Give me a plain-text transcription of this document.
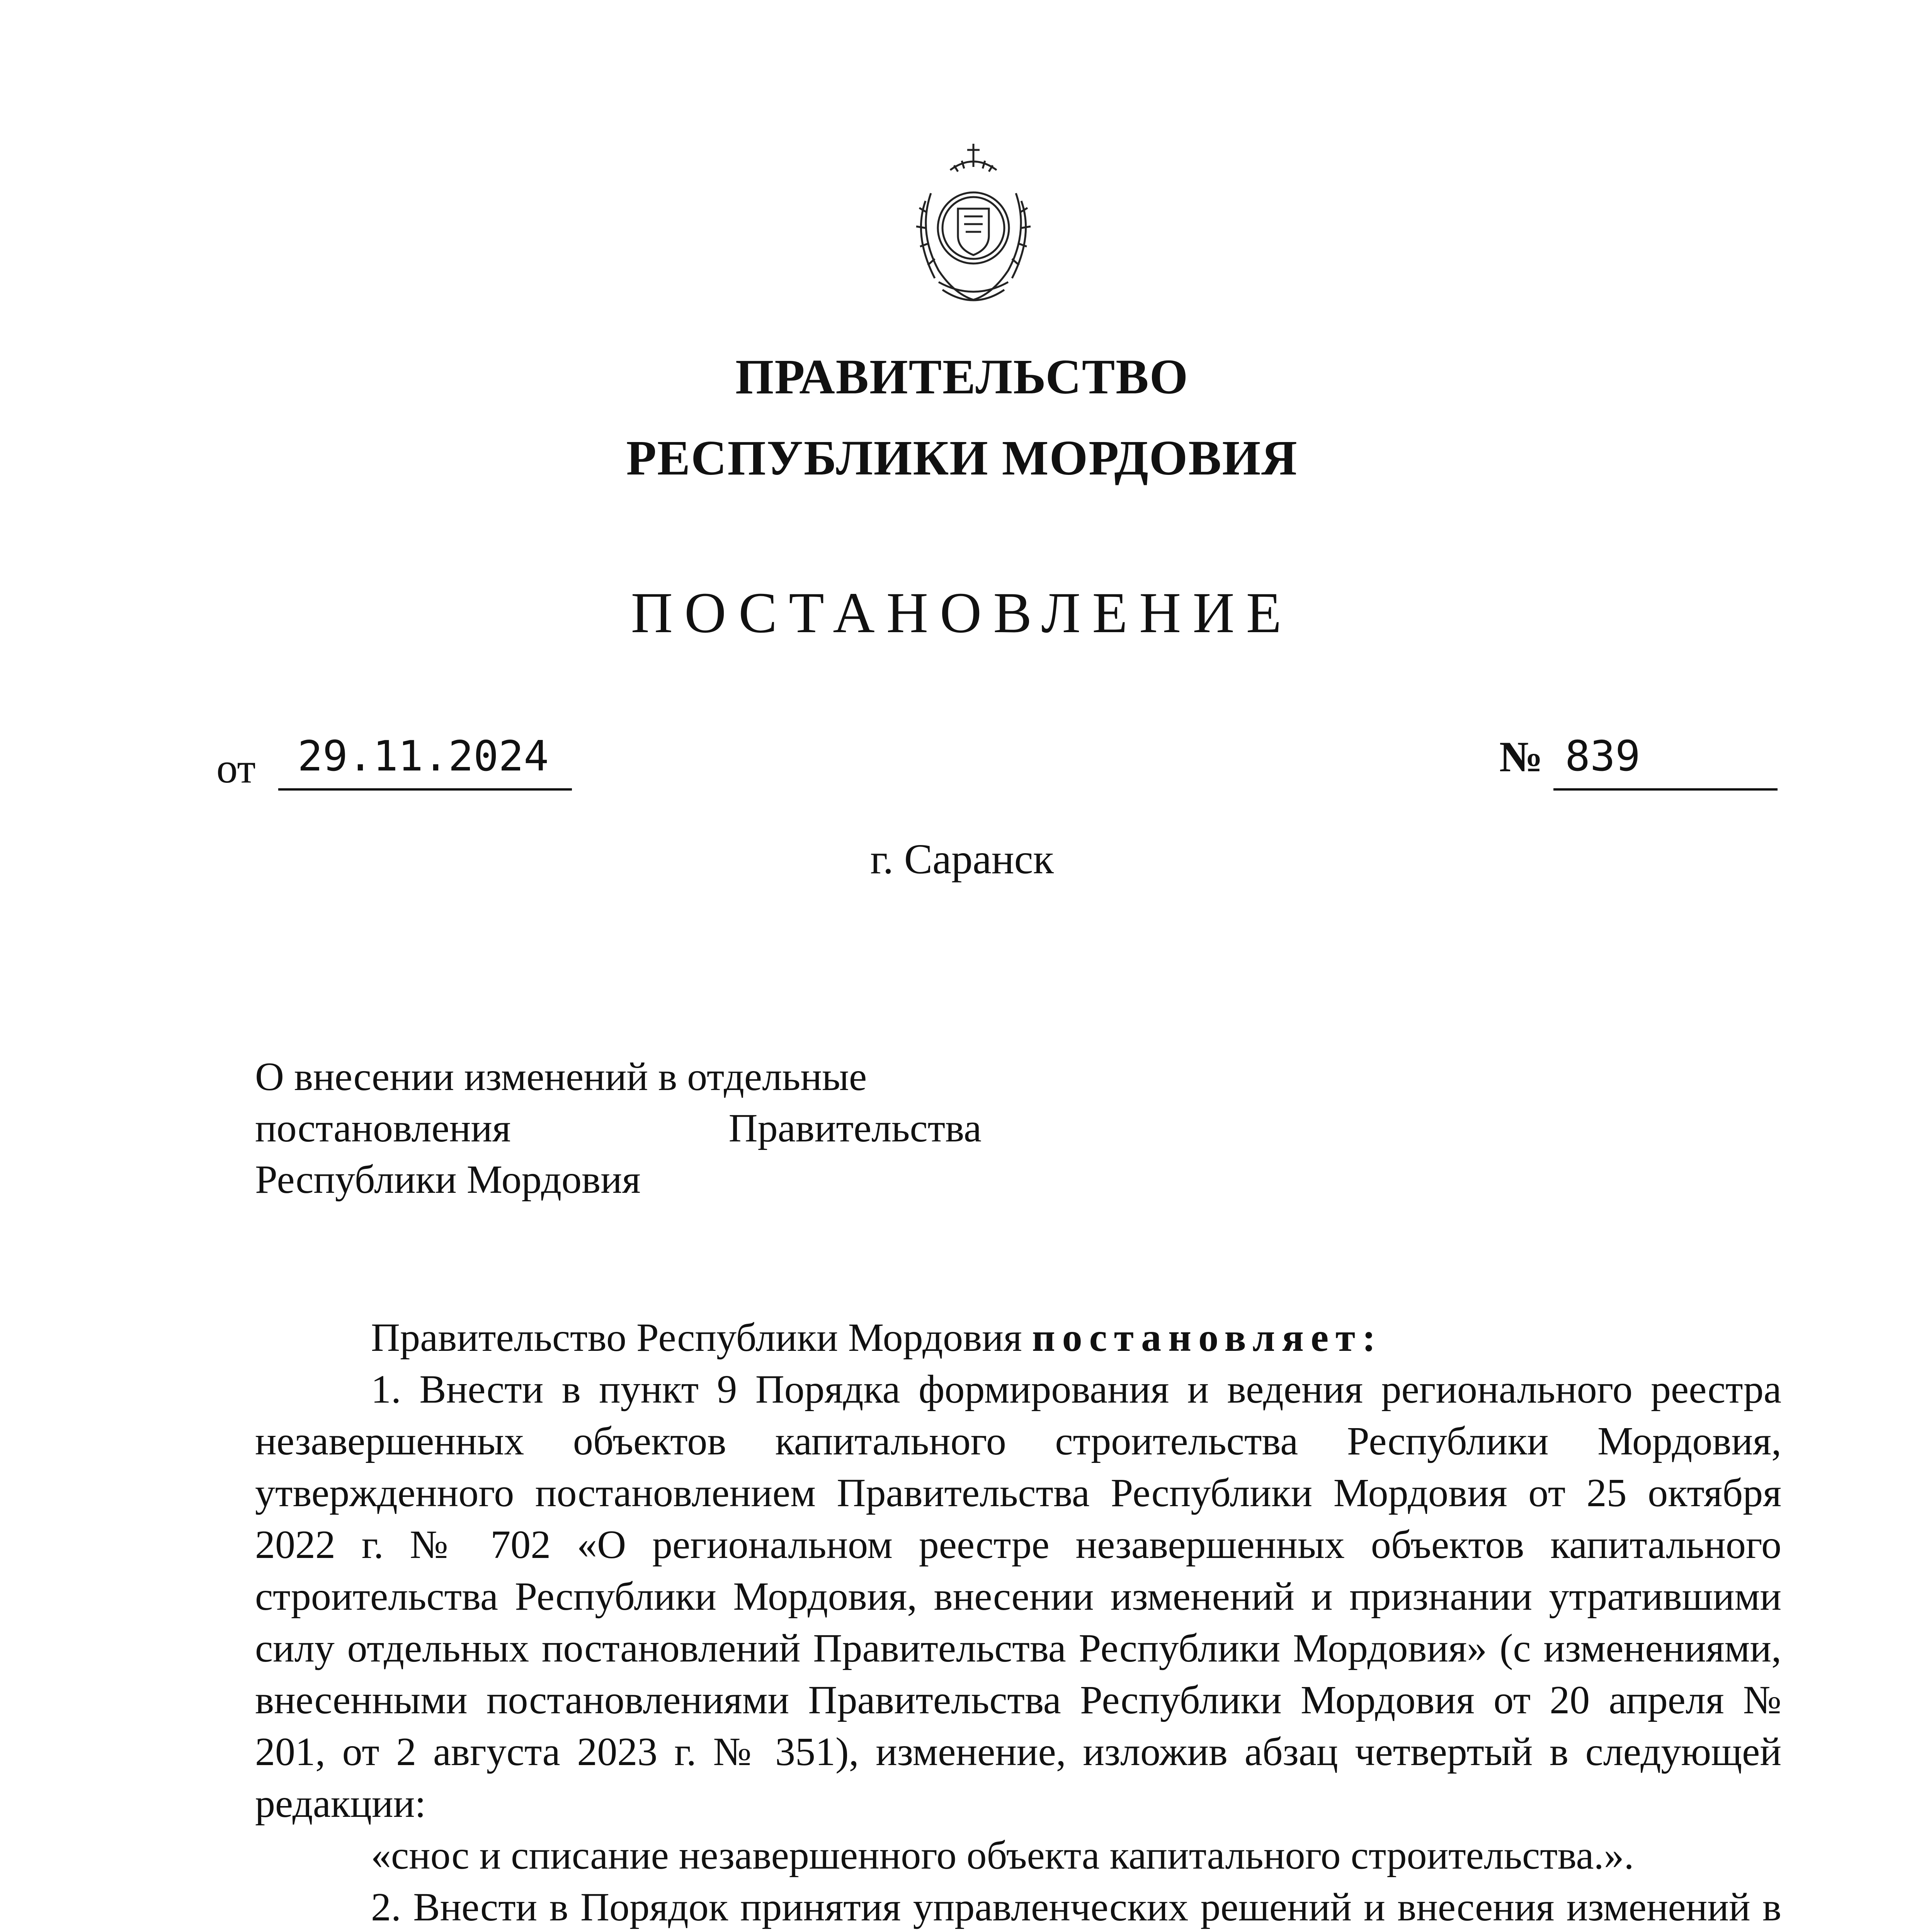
ПРАВИТЕЛЬСТВО
РЕСПУБЛИКИ МОРДОВИЯ
ПОСТАНОВЛЕНИЕ
от 29.11.2024	№ 839
г. Саранск
О внесении изменений в отдельные
постановления Правительства
Республики Мордовия

Правительство Республики Мордовия постановляет:

1. Внести в пункт 9 Порядка формирования и ведения регионального реестра незавершенных объектов капитального строительства Республики Мордовия, утвержденного постановлением Правительства Республики Мордовия от 25 октября 2022 г. № 702 «О региональном реестре незавершенных объектов капитального строительства Республики Мордовия, внесении изменений и признании утратившими силу отдельных постановлений Правительства Республики Мордовия» (с изменениями, внесенными постановлениями Правительства Республики Мордовия от 20 апреля № 201, от 2 августа 2023 г. № 351), изменение, изложив абзац четвертый в следующей редакции:

«снос и списание незавершенного объекта капитального строительства.».

2. Внести в Порядок принятия управленческих решений и внесения изменений в
